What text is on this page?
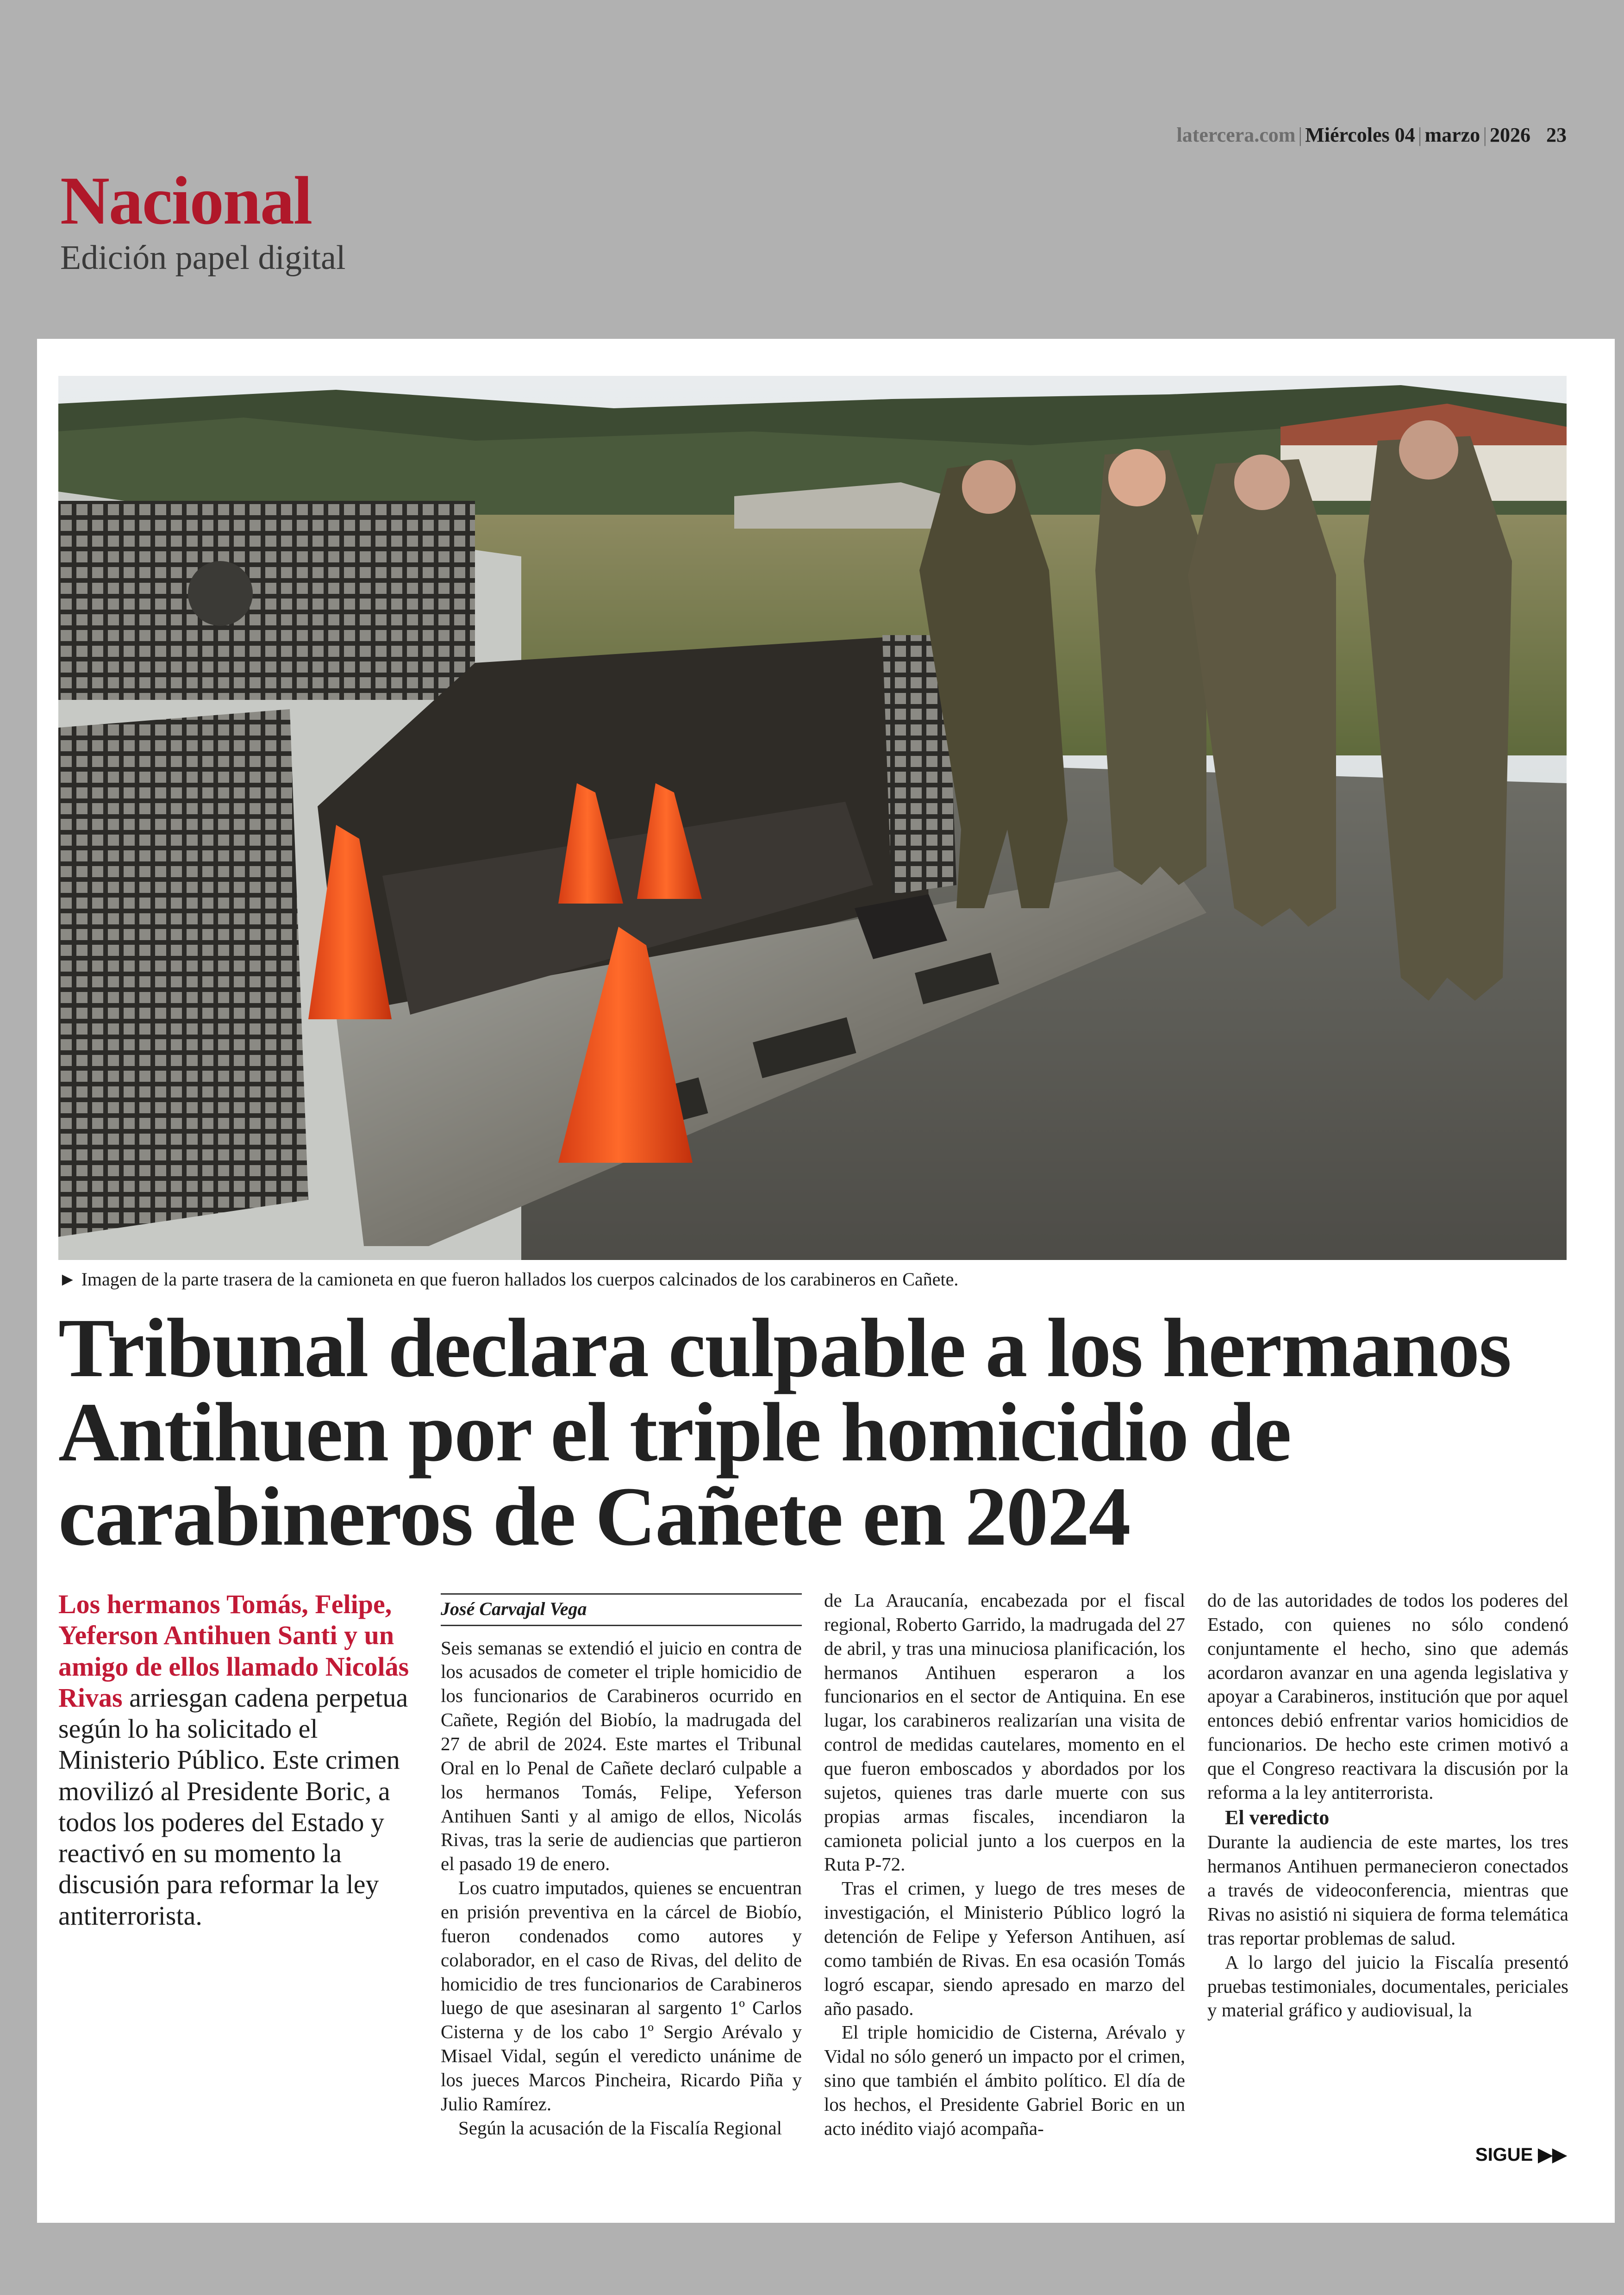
latercera.com | Miércoles 04 | marzo | 2026 23
Nacional
Edición papel digital
► Imagen de la parte trasera de la camioneta en que fueron hallados los cuerpos calcinados de los carabineros en Cañete.
Tribunal declara culpable a los hermanos
Antihuen por el triple homicidio de
carabineros de Cañete en 2024

Los hermanos Tomás, Felipe, Yeferson Antihuen Santi y un amigo de ellos llamado Nicolás Rivas arriesgan cadena perpetua según lo ha solicitado el Ministerio Público. Este crimen movilizó al Presidente Boric, a todos los poderes del Estado y reactivó en su momento la discusión para reformar la ley antiterrorista.

José Carvajal Vega

Seis semanas se extendió el juicio en contra de los acusados de cometer el triple homicidio de los funcionarios de Carabineros ocurrido en Cañete, Región del Biobío, la madrugada del 27 de abril de 2024. Este martes el Tribunal Oral en lo Penal de Cañete declaró culpable a los hermanos Tomás, Felipe, Yeferson Antihuen Santi y al amigo de ellos, Nicolás Rivas, tras la serie de audiencias que partieron el pasado 19 de enero.

Los cuatro imputados, quienes se encuentran en prisión preventiva en la cárcel de Biobío, fueron condenados como autores y colaborador, en el caso de Rivas, del delito de homicidio de tres funcionarios de Carabineros luego de que asesinaran al sargento 1º Carlos Cisterna y de los cabo 1º Sergio Arévalo y Misael Vidal, según el veredicto unánime de los jueces Marcos Pincheira, Ricardo Piña y Julio Ramírez.

Según la acusación de la Fiscalía Regional

de La Araucanía, encabezada por el fiscal regional, Roberto Garrido, la madrugada del 27 de abril, y tras una minuciosa planificación, los hermanos Antihuen esperaron a los funcionarios en el sector de Antiquina. En ese lugar, los carabineros realizarían una visita de control de medidas cautelares, momento en el que fueron emboscados y abordados por los sujetos, quienes tras darle muerte con sus propias armas fiscales, incendiaron la camioneta policial junto a los cuerpos en la Ruta P-72.

Tras el crimen, y luego de tres meses de investigación, el Ministerio Público logró la detención de Felipe y Yeferson Antihuen, así como también de Rivas. En esa ocasión Tomás logró escapar, siendo apresado en marzo del año pasado.

El triple homicidio de Cisterna, Arévalo y Vidal no sólo generó un impacto por el crimen, sino que también el ámbito político. El día de los hechos, el Presidente Gabriel Boric en un acto inédito viajó acompaña-

do de las autoridades de todos los poderes del Estado, con quienes no sólo condenó conjuntamente el hecho, sino que además acordaron avanzar en una agenda legislativa y apoyar a Carabineros, institución que por aquel entonces debió enfrentar varios homicidios de funcionarios. De hecho este crimen motivó a que el Congreso reactivara la discusión por la reforma a la ley antiterrorista.

El veredicto

Durante la audiencia de este martes, los tres hermanos Antihuen permanecieron conectados a través de videoconferencia, mientras que Rivas no asistió ni siquiera de forma telemática tras reportar problemas de salud.

A lo largo del juicio la Fiscalía presentó pruebas testimoniales, documentales, periciales y material gráfico y audiovisual, la

SIGUE ▶▶
